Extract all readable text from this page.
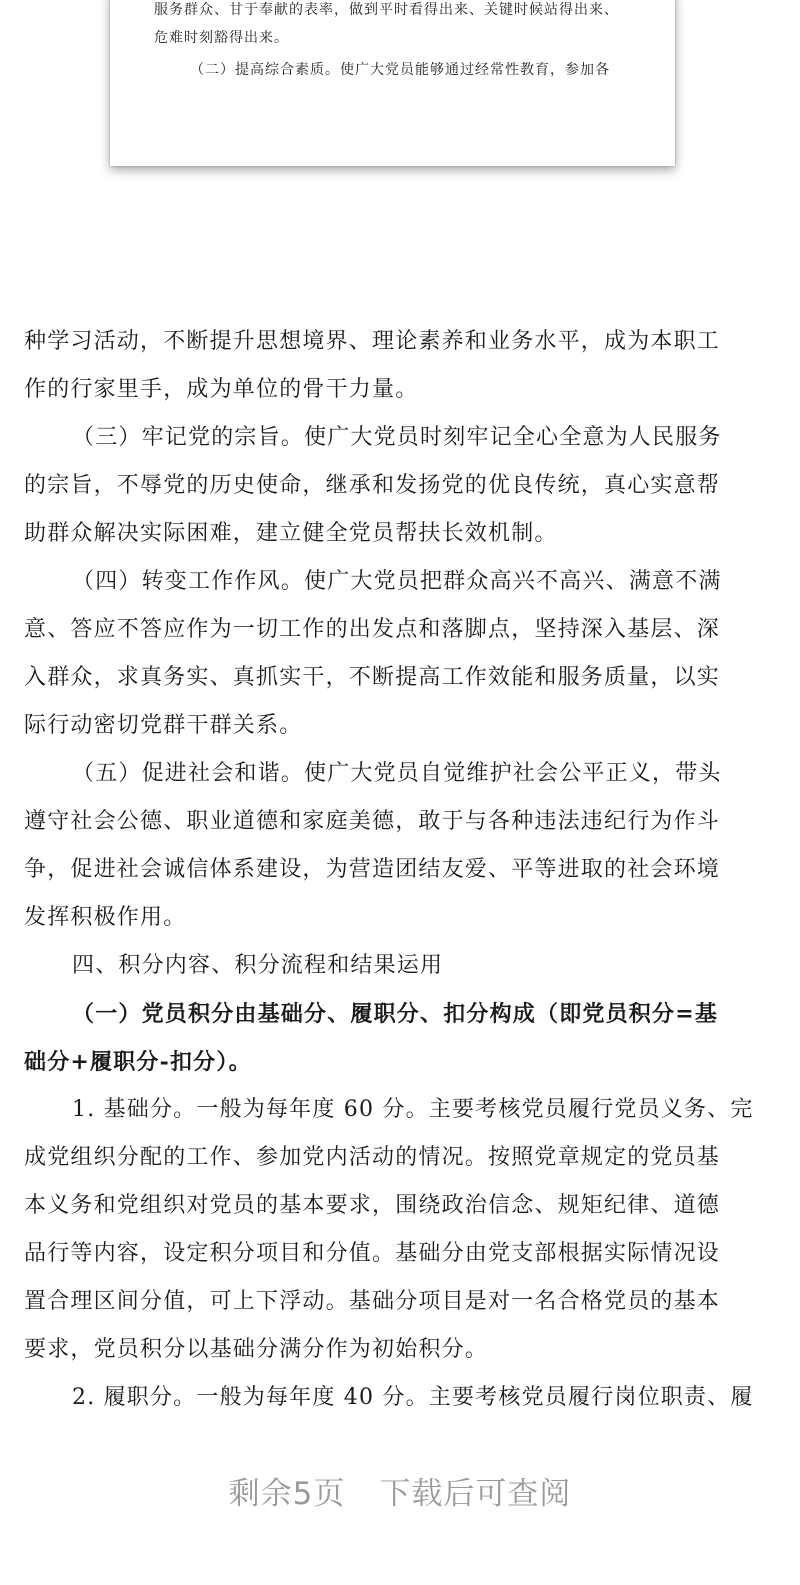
服务群众、甘于奉献的表率，做到平时看得出来、关键时候站得出来、
危难时刻豁得出来。
（二）提高综合素质。使广大党员能够通过经常性教育，参加各
种学习活动，不断提升思想境界、理论素养和业务水平，成为本职工
作的行家里手，成为单位的骨干力量。
（三）牢记党的宗旨。使广大党员时刻牢记全心全意为人民服务
的宗旨，不辱党的历史使命，继承和发扬党的优良传统，真心实意帮
助群众解决实际困难，建立健全党员帮扶长效机制。
（四）转变工作作风。使广大党员把群众高兴不高兴、满意不满
意、答应不答应作为一切工作的出发点和落脚点，坚持深入基层、深
入群众，求真务实、真抓实干，不断提高工作效能和服务质量，以实
际行动密切党群干群关系。
（五）促进社会和谐。使广大党员自觉维护社会公平正义，带头
遵守社会公德、职业道德和家庭美德，敢于与各种违法违纪行为作斗
争，促进社会诚信体系建设，为营造团结友爱、平等进取的社会环境
发挥积极作用。
四、积分内容、积分流程和结果运用
（一）党员积分由基础分、履职分、扣分构成（即党员积分=基
础分+履职分-扣分）。
1. 基础分。一般为每年度 60 分。主要考核党员履行党员义务、完
成党组织分配的工作、参加党内活动的情况。按照党章规定的党员基
本义务和党组织对党员的基本要求，围绕政治信念、规矩纪律、道德
品行等内容，设定积分项目和分值。基础分由党支部根据实际情况设
置合理区间分值，可上下浮动。基础分项目是对一名合格党员的基本
要求，党员积分以基础分满分作为初始积分。
2. 履职分。一般为每年度 40 分。主要考核党员履行岗位职责、履
剩余5页 下载后可查阅
